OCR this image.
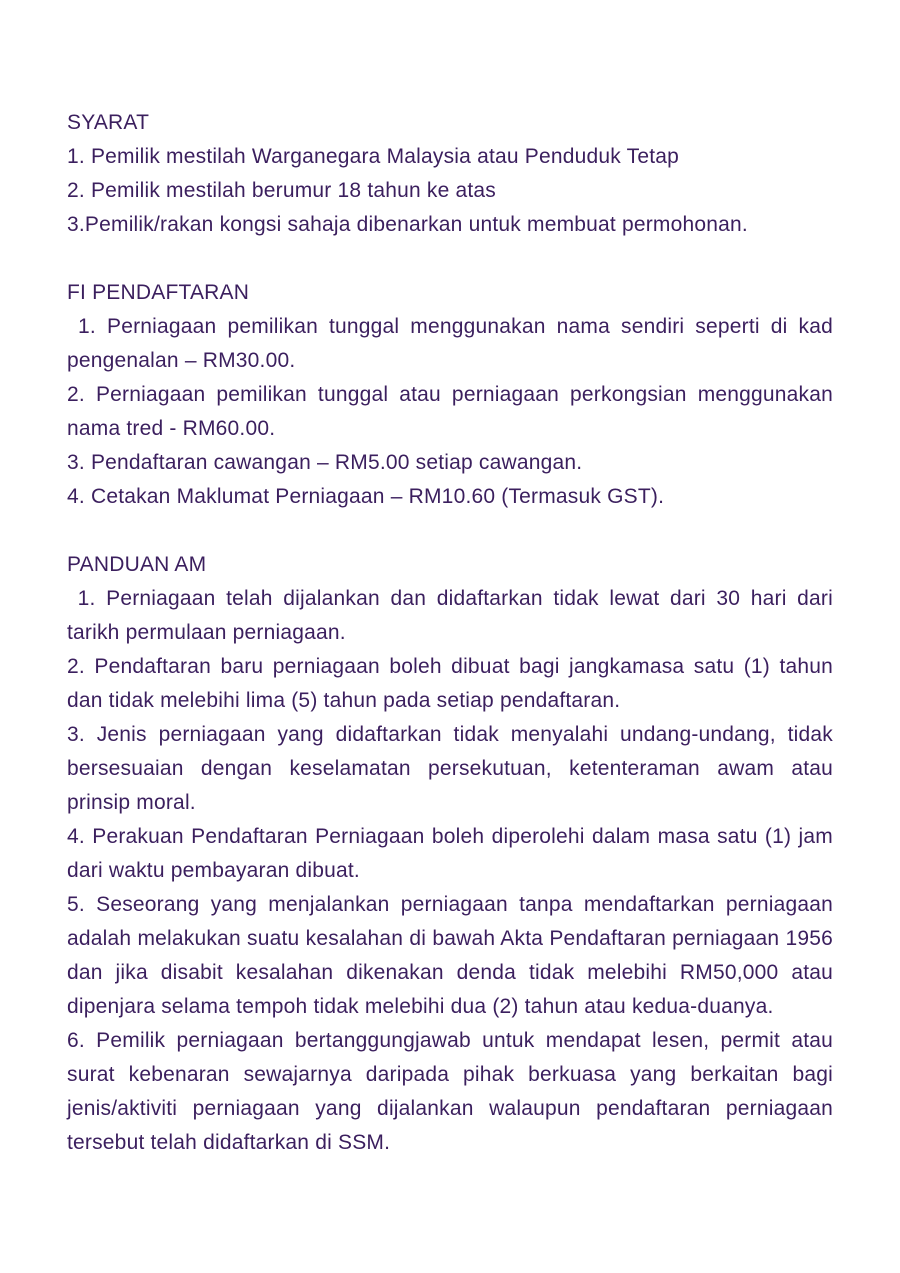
SYARAT

1. Pemilik mestilah Warganegara Malaysia atau Penduduk Tetap

2. Pemilik mestilah berumur 18 tahun ke atas

3.Pemilik/rakan kongsi sahaja dibenarkan untuk membuat permohonan.

FI PENDAFTARAN

1. Perniagaan pemilikan tunggal menggunakan nama sendiri seperti di kad pengenalan – RM30.00.

2. Perniagaan pemilikan tunggal atau perniagaan perkongsian menggunakan nama tred - RM60.00.

3. Pendaftaran cawangan – RM5.00 setiap cawangan.

4. Cetakan Maklumat Perniagaan – RM10.60 (Termasuk GST).

PANDUAN AM

1. Perniagaan telah dijalankan dan didaftarkan tidak lewat dari 30 hari dari tarikh permulaan perniagaan.

2. Pendaftaran baru perniagaan boleh dibuat bagi jangkamasa satu (1) tahun dan tidak melebihi lima (5) tahun pada setiap pendaftaran.

3. Jenis perniagaan yang didaftarkan tidak menyalahi undang-undang, tidak bersesuaian dengan keselamatan persekutuan, ketenteraman awam atau prinsip moral.

4. Perakuan Pendaftaran Perniagaan boleh diperolehi dalam masa satu (1) jam dari waktu pembayaran dibuat.

5. Seseorang yang menjalankan perniagaan tanpa mendaftarkan perniagaan adalah melakukan suatu kesalahan di bawah Akta Pendaftaran perniagaan 1956 dan jika disabit kesalahan dikenakan denda tidak melebihi RM50,000 atau dipenjara selama tempoh tidak melebihi dua (2) tahun atau kedua-duanya.

6. Pemilik perniagaan bertanggungjawab untuk mendapat lesen, permit atau surat kebenaran sewajarnya daripada pihak berkuasa yang berkaitan bagi jenis/aktiviti perniagaan yang dijalankan walaupun pendaftaran perniagaan tersebut telah didaftarkan di SSM.
